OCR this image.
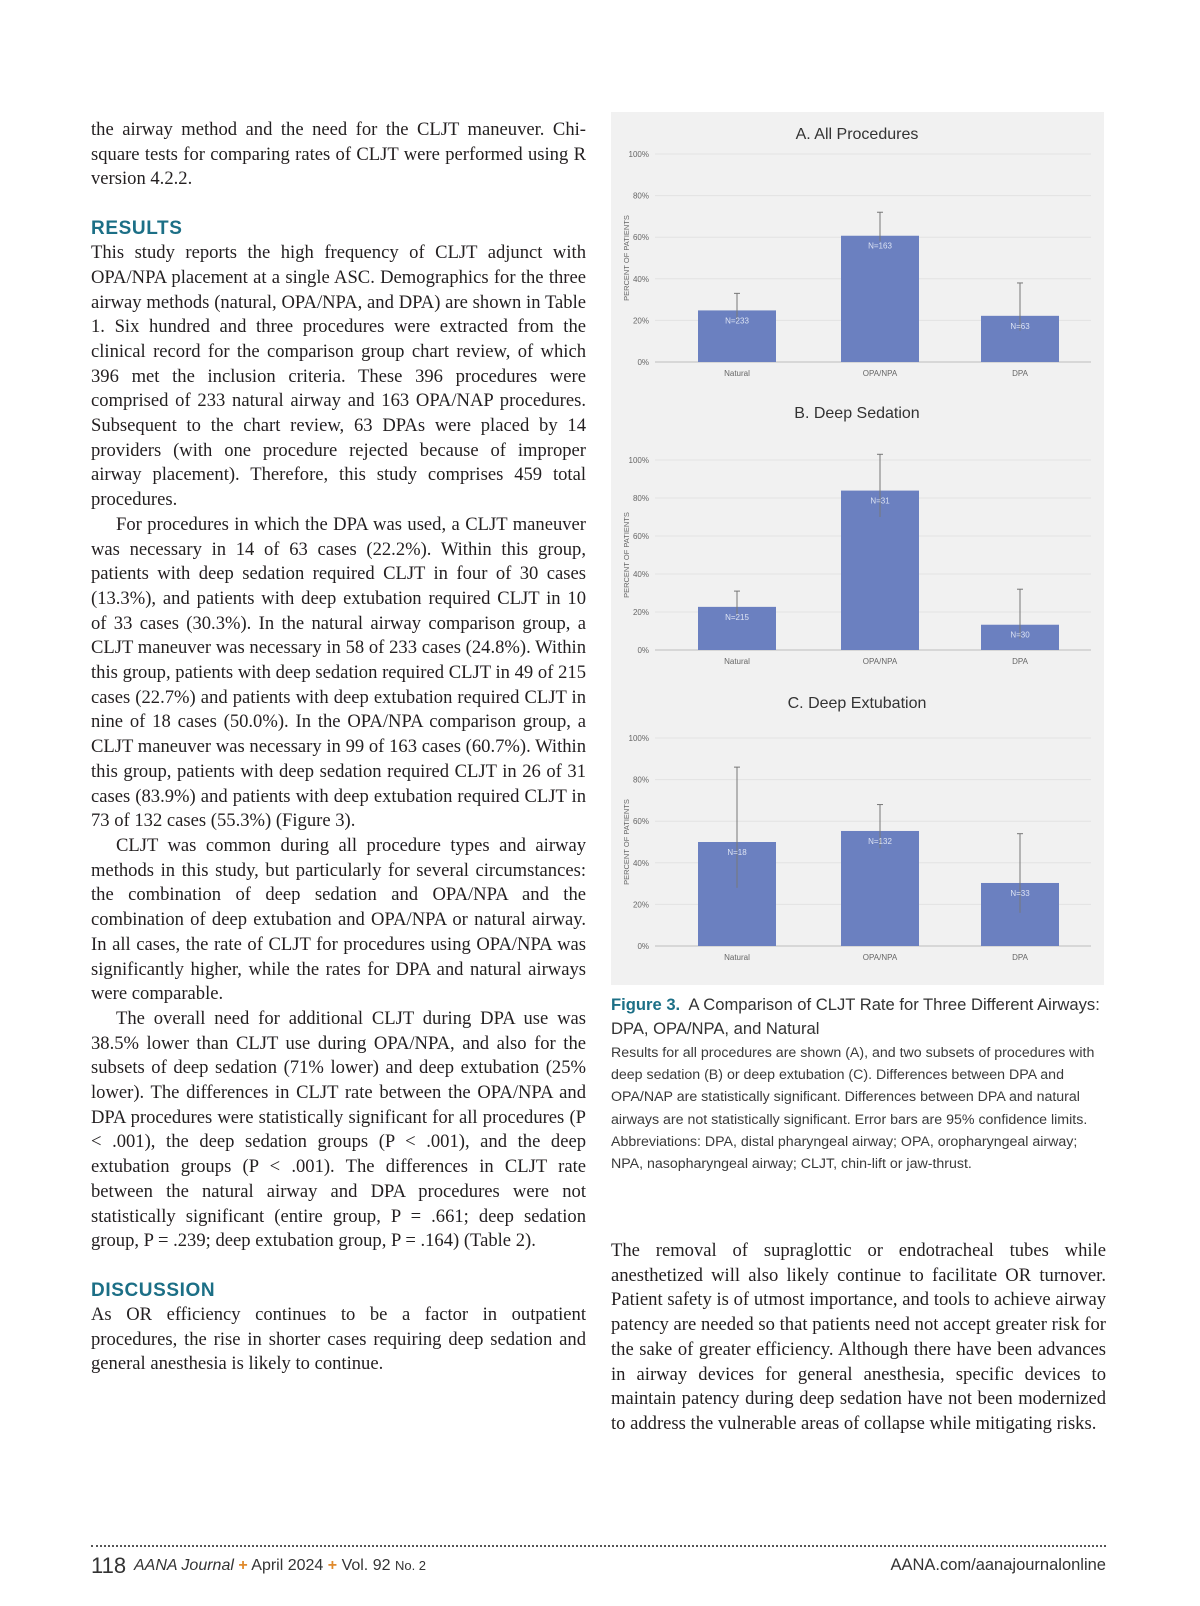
the airway method and the need for the CLJT maneuver. Chi-square tests for comparing rates of CLJT were performed using R version 4.2.2.

RESULTS

This study reports the high frequency of CLJT adjunct with OPA/NPA placement at a single ASC. Demographics for the three airway methods (natural, OPA/NPA, and DPA) are shown in Table 1. Six hundred and three procedures were extracted from the clinical record for the comparison group chart review, of which 396 met the inclusion criteria. These 396 procedures were comprised of 233 natural airway and 163 OPA/NAP procedures. Subsequent to the chart review, 63 DPAs were placed by 14 providers (with one procedure rejected because of improper airway placement). Therefore, this study comprises 459 total procedures.

For procedures in which the DPA was used, a CLJT maneuver was necessary in 14 of 63 cases (22.2%). Within this group, patients with deep sedation required CLJT in four of 30 cases (13.3%), and patients with deep extubation required CLJT in 10 of 33 cases (30.3%). In the natural airway comparison group, a CLJT maneuver was necessary in 58 of 233 cases (24.8%). Within this group, patients with deep sedation required CLJT in 49 of 215 cases (22.7%) and patients with deep extubation required CLJT in nine of 18 cases (50.0%). In the OPA/NPA comparison group, a CLJT maneuver was necessary in 99 of 163 cases (60.7%). Within this group, patients with deep sedation required CLJT in 26 of 31 cases (83.9%) and patients with deep extubation required CLJT in 73 of 132 cases (55.3%) (Figure 3).

CLJT was common during all procedure types and airway methods in this study, but particularly for several circumstances: the combination of deep sedation and OPA/NPA and the combination of deep extubation and OPA/NPA or natural airway. In all cases, the rate of CLJT for procedures using OPA/NPA was significantly higher, while the rates for DPA and natural airways were comparable.

The overall need for additional CLJT during DPA use was 38.5% lower than CLJT use during OPA/NPA, and also for the subsets of deep sedation (71% lower) and deep extubation (25% lower). The differences in CLJT rate between the OPA/NPA and DPA procedures were statistically significant for all procedures (P < .001), the deep sedation groups (P < .001), and the deep extubation groups (P < .001). The differences in CLJT rate between the natural airway and DPA procedures were not statistically significant (entire group, P = .661; deep sedation group, P = .239; deep extubation group, P = .164) (Table 2).

DISCUSSION

As OR efficiency continues to be a factor in outpatient procedures, the rise in shorter cases requiring deep sedation and general anesthesia is likely to continue.

A. All Procedures
0%
20%
40%
60%
80%
100%
PERCENT OF PATIENTS
N=233
Natural
N=163
OPA/NPA
N=63
DPA
B. Deep Sedation
0%
20%
40%
60%
80%
100%
PERCENT OF PATIENTS
N=215
Natural
N=31
OPA/NPA
N=30
DPA
C. Deep Extubation
0%
20%
40%
60%
80%
100%
PERCENT OF PATIENTS	N=18
Natural
N=132
OPA/NPA
N=33
DPA
Figure 3. A Comparison of CLJT Rate for Three Different Airways: DPA, OPA/NPA, and Natural
Results for all procedures are shown (A), and two subsets of procedures with deep sedation (B) or deep extubation (C). Differences between DPA and OPA/NAP are statistically significant. Differences between DPA and natural airways are not statistically significant. Error bars are 95% confidence limits. Abbreviations: DPA, distal pharyngeal airway; OPA, oropharyngeal airway; NPA, nasopharyngeal airway; CLJT, chin-lift or jaw-thrust.

The removal of supraglottic or endotracheal tubes while anesthetized will also likely continue to facilitate OR turnover. Patient safety is of utmost importance, and tools to achieve airway patency are needed so that patients need not accept greater risk for the sake of greater efficiency. Although there have been advances in airway devices for general anesthesia, specific devices to maintain patency during deep sedation have not been modernized to address the vulnerable areas of collapse while mitigating risks.

118 AANA Journal + April 2024 + Vol. 92 No. 2	AANA.com/aanajournalonline
